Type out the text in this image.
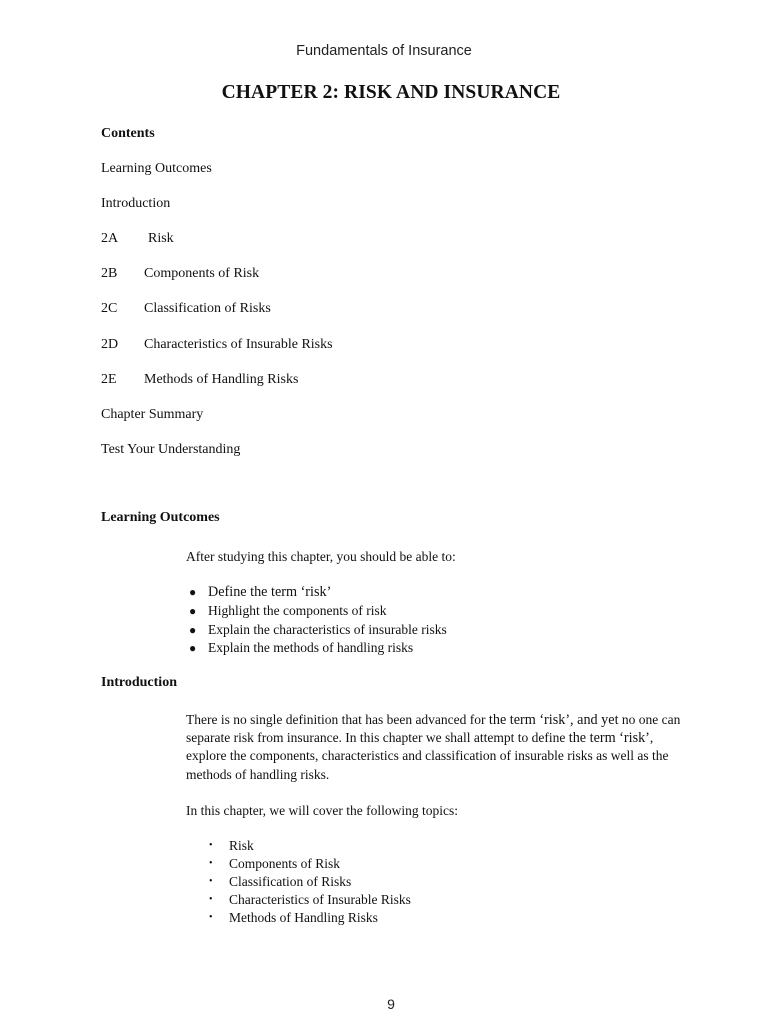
Fundamentals of Insurance
CHAPTER 2: RISK AND INSURANCE
Contents
Learning Outcomes
Introduction
2A Risk
2B Components of Risk
2C Classification of Risks
2D Characteristics of Insurable Risks
2E Methods of Handling Risks
Chapter Summary
Test Your Understanding
Learning Outcomes
After studying this chapter, you should be able to:
● Define the term ‘risk’
● Highlight the components of risk
● Explain the characteristics of insurable risks
● Explain the methods of handling risks
Introduction
There is no single definition that has been advanced for the term ‘risk’, and yet no one can separate risk from insurance. In this chapter we shall attempt to define the term ‘risk’, explore the components, characteristics and classification of insurable risks as well as the methods of handling risks.
In this chapter, we will cover the following topics:
• Risk
• Components of Risk
• Classification of Risks
• Characteristics of Insurable Risks
• Methods of Handling Risks
9
